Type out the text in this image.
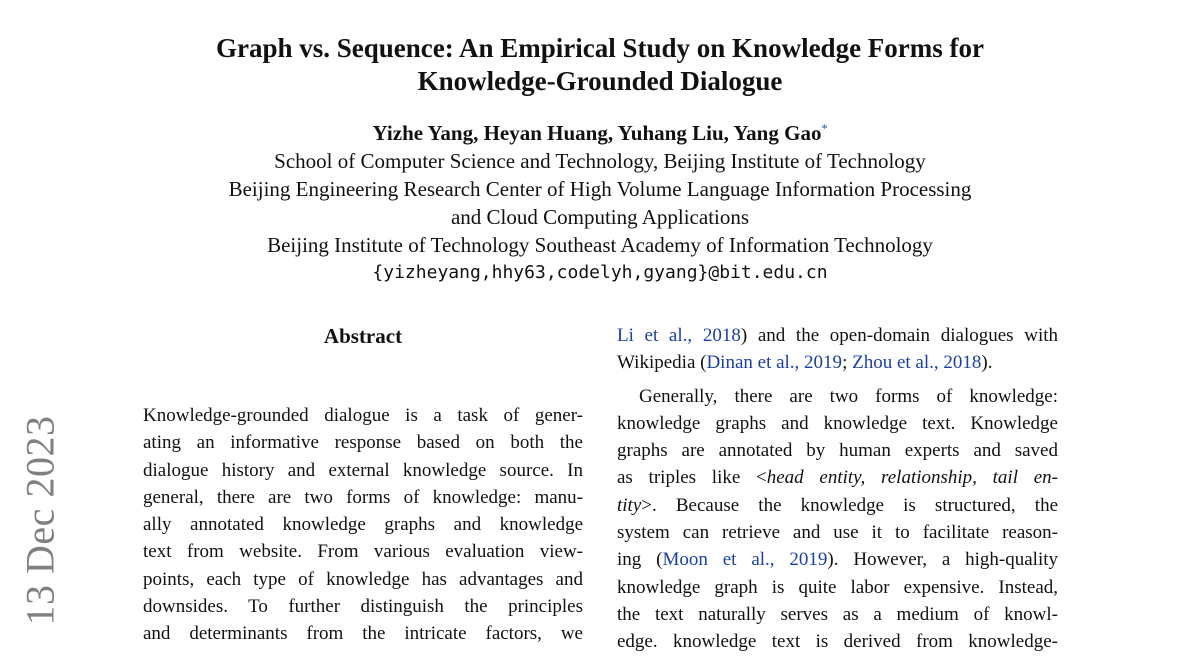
13 Dec 2023
Graph vs. Sequence: An Empirical Study on Knowledge Forms for
Knowledge-Grounded Dialogue
Yizhe Yang, Heyan Huang, Yuhang Liu, Yang Gao*
School of Computer Science and Technology, Beijing Institute of Technology
Beijing Engineering Research Center of High Volume Language Information Processing
and Cloud Computing Applications
Beijing Institute of Technology Southeast Academy of Information Technology
{yizheyang,hhy63,codelyh,gyang}@bit.edu.cn
Abstract
Knowledge-grounded dialogue is a task of gener-
ating an informative response based on both the
dialogue history and external knowledge source. In
general, there are two forms of knowledge: manu-
ally annotated knowledge graphs and knowledge
text from website. From various evaluation view-
points, each type of knowledge has advantages and
downsides. To further distinguish the principles
and determinants from the intricate factors, we

Li et al., 2018) and the open-domain dialogues with
Wikipedia (Dinan et al., 2019; Zhou et al., 2018).

Generally, there are two forms of knowledge:
knowledge graphs and knowledge text. Knowledge
graphs are annotated by human experts and saved
as triples like <head entity, relationship, tail en-
tity>. Because the knowledge is structured, the
system can retrieve and use it to facilitate reason-
ing (Moon et al., 2019). However, a high-quality
knowledge graph is quite labor expensive. Instead,
the text naturally serves as a medium of knowl-
edge. knowledge text is derived from knowledge-
